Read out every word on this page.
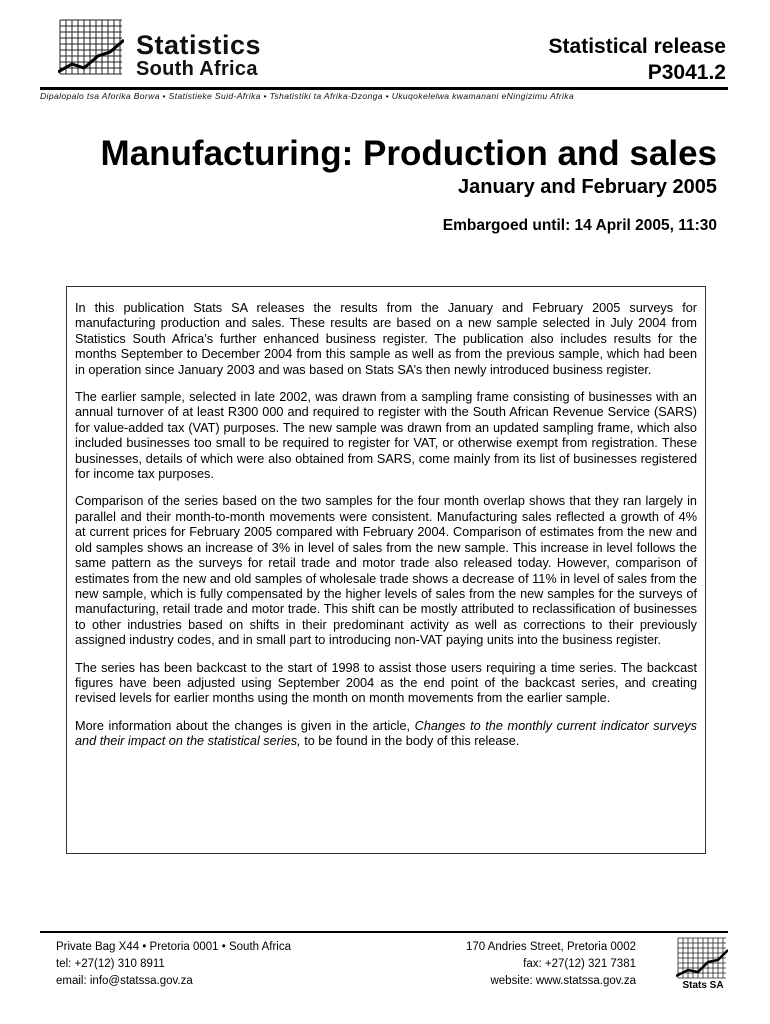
Statistics
South Africa
Statistical release
P3041.2
Dipalopalo tsa Aforika Borwa • Statistieke Suid-Afrika • Tshatistiki ta Afrika-Dzonga • Ukuqokelelwa kwamanani eNingizimu Afrika
Manufacturing: Production and sales
January and February 2005
Embargoed until: 14 April 2005, 11:30

In this publication Stats SA releases the results from the January and February 2005 surveys for manufacturing production and sales. These results are based on a new sample selected in July 2004 from Statistics South Africa’s further enhanced business register. The publication also includes results for the months September to December 2004 from this sample as well as from the previous sample, which had been in operation since January 2003 and was based on Stats SA’s then newly introduced business register.

The earlier sample, selected in late 2002, was drawn from a sampling frame consisting of businesses with an annual turnover of at least R300 000 and required to register with the South African Revenue Service (SARS) for value-added tax (VAT) purposes. The new sample was drawn from an updated sampling frame, which also included businesses too small to be required to register for VAT, or otherwise exempt from registration. These businesses, details of which were also obtained from SARS, come mainly from its list of businesses registered for income tax purposes.

Comparison of the series based on the two samples for the four month overlap shows that they ran largely in parallel and their month-to-month movements were consistent. Manufacturing sales reflected a growth of 4% at current prices for February 2005 compared with February 2004. Comparison of estimates from the new and old samples shows an increase of 3% in level of sales from the new sample. This increase in level follows the same pattern as the surveys for retail trade and motor trade also released today. However, comparison of estimates from the new and old samples of wholesale trade shows a decrease of 11% in level of sales from the new sample, which is fully compensated by the higher levels of sales from the new samples for the surveys of manufacturing, retail trade and motor trade. This shift can be mostly attributed to reclassification of businesses to other industries based on shifts in their predominant activity as well as corrections to their previously assigned industry codes, and in small part to introducing non-VAT paying units into the business register.

The series has been backcast to the start of 1998 to assist those users requiring a time series. The backcast figures have been adjusted using September 2004 as the end point of the backcast series, and creating revised levels for earlier months using the month on month movements from the earlier sample.

More information about the changes is given in the article, Changes to the monthly current indicator surveys and their impact on the statistical series, to be found in the body of this release.

Private Bag X44 • Pretoria 0001 • South Africa
tel: +27(12) 310 8911
email: info@statssa.gov.za
170 Andries Street, Pretoria 0002
fax: +27(12) 321 7381
website: www.statssa.gov.za	Stats SA
